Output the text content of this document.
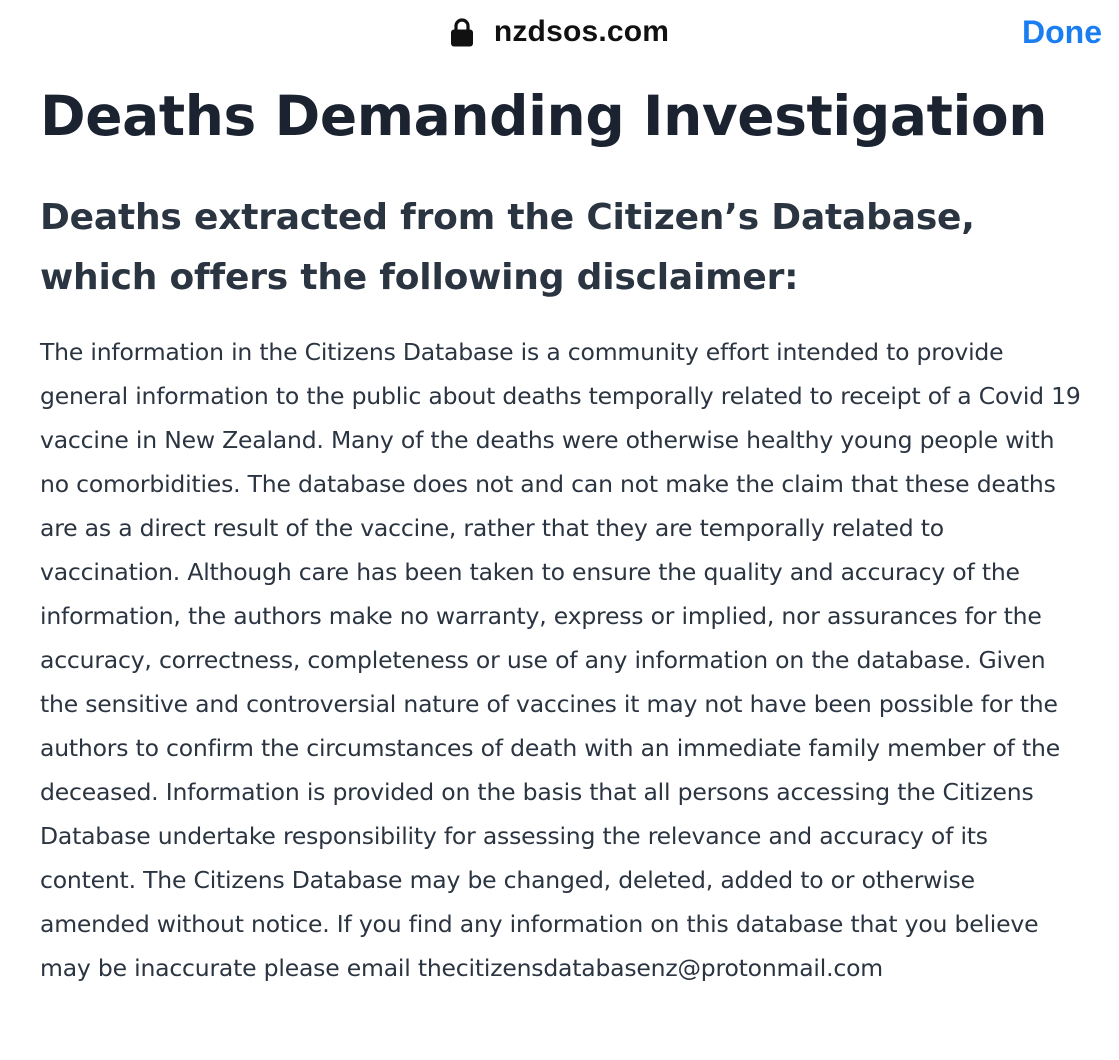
nzdsos.com	Done
Deaths Demanding Investigation
Deaths extracted from the Citizen’s Database, which offers the following disclaimer:

The information in the Citizens Database is a community effort intended to provide general information to the public about deaths temporally related to receipt of a Covid 19 vaccine in New Zealand. Many of the deaths were otherwise healthy young people with no comorbidities. The database does not and can not make the claim that these deaths are as a direct result of the vaccine, rather that they are temporally related to vaccination. Although care has been taken to ensure the quality and accuracy of the information, the authors make no warranty, express or implied, nor assurances for the accuracy, correctness, completeness or use of any information on the database. Given the sensitive and controversial nature of vaccines it may not have been possible for the authors to confirm the circumstances of death with an immediate family member of the deceased. Information is provided on the basis that all persons accessing the Citizens Database undertake responsibility for assessing the relevance and accuracy of its content. The Citizens Database may be changed, deleted, added to or otherwise amended without notice. If you find any information on this database that you believe may be inaccurate please email thecitizensdatabasenz@protonmail.com
